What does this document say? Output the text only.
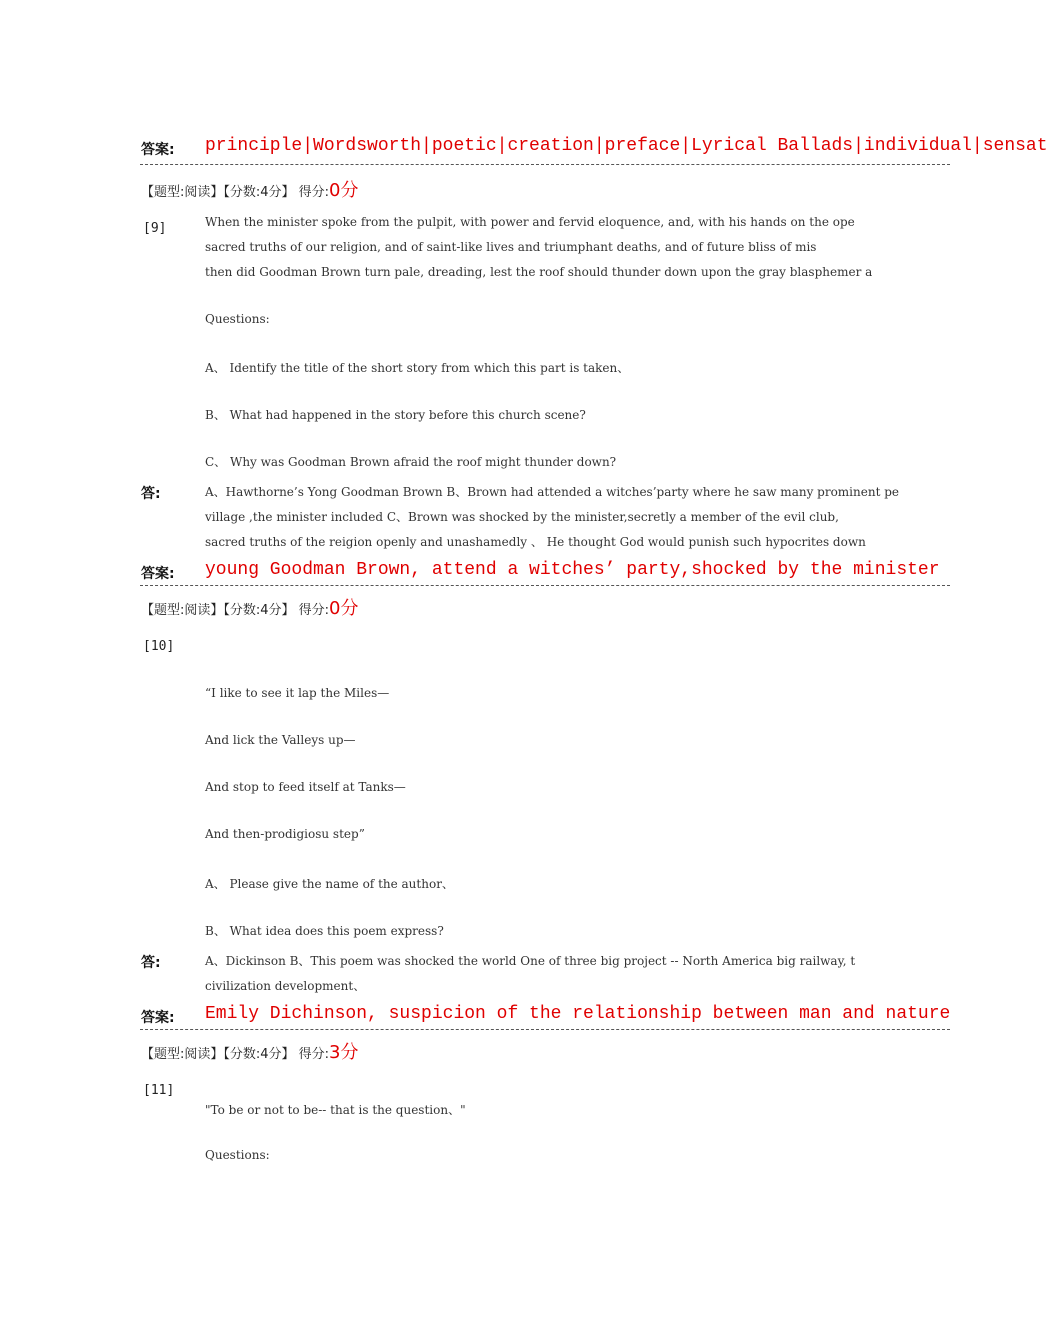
答案: principle|Wordsworth|poetic|creation|preface|Lyrical Ballads|individual|sensat
【题型:阅读】【分数:4分】 得分:0分
[9]	When the minister spoke from the pulpit, with power and fervid eloquence, and, with his hands on the ope
sacred truths of our religion, and of saint-like lives and triumphant deaths, and of future bliss of mis
then did Goodman Brown turn pale, dreading, lest the roof should thunder down upon the gray blasphemer a
Questions:
A、 Identify the title of the short story from which this part is taken、
B、 What had happened in the story before this church scene?
C、 Why was Goodman Brown afraid the roof might thunder down?
答:	A、Hawthorne’s Yong Goodman Brown B、Brown had attended a witches’party where he saw many prominent pe
village ,the minister included C、Brown was shocked by the minister,secretly a member of the evil club,
sacred truths of the reigion openly and unashamedly 、 He thought God would punish such hypocrites down
答案: young Goodman Brown, attend a witches’ party,shocked by the minister
【题型:阅读】【分数:4分】 得分:0分
[10]
“I like to see it lap the Miles—
And lick the Valleys up—
And stop to feed itself at Tanks—
And then-prodigiosu step”
A、 Please give the name of the author、
B、 What idea does this poem express?
答:	A、Dickinson B、This poem was shocked the world One of three big project -- North America big railway, t
civilization development、
答案: Emily Dichinson, suspicion of the relationship between man and nature
【题型:阅读】【分数:4分】 得分:3分
[11]
"To be or not to be-- that is the question、"
Questions:
